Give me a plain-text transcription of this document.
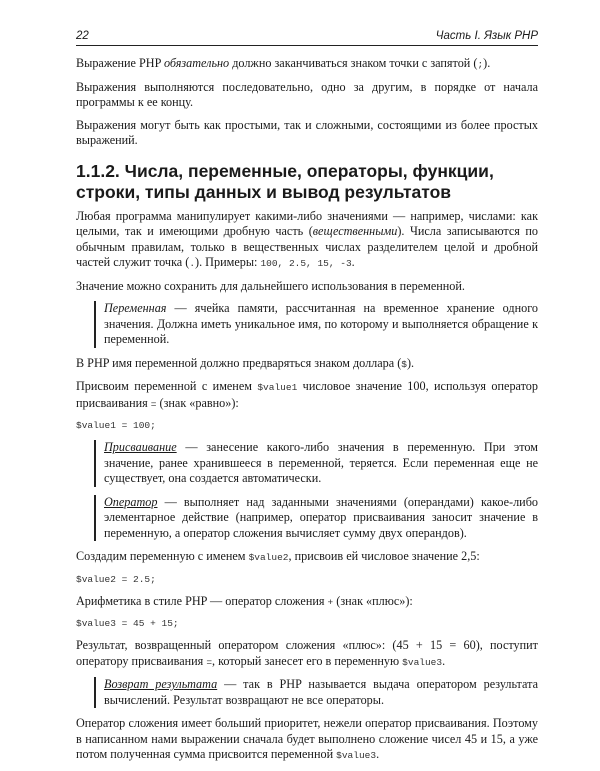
22	Часть I. Язык PHP

Выражение PHP обязательно должно заканчиваться знаком точки с запятой (;).

Выражения выполняются последовательно, одно за другим, в порядке от начала программы к ее концу.

Выражения могут быть как простыми, так и сложными, состоящими из более простых выражений.

1.1.2. Числа, переменные, операторы, функции, строки, типы данных и вывод результатов

Любая программа манипулирует какими-либо значениями — например, числами: как целыми, так и имеющими дробную часть (вещественными). Числа записываются по обычным правилам, только в вещественных числах разделителем целой и дробной частей служит точка (.). Примеры: 100, 2.5, 15, -3.

Значение можно сохранить для дальнейшего использования в переменной.

Переменная — ячейка памяти, рассчитанная на временное хранение одного значения. Должна иметь уникальное имя, по которому и выполняется обращение к переменной.

В PHP имя переменной должно предваряться знаком доллара ($).

Присвоим переменной с именем $value1 числовое значение 100, используя оператор присваивания = (знак «равно»):

$value1 = 100;
Присваивание — занесение какого-либо значения в переменную. При этом значение, ранее хранившееся в переменной, теряется. Если переменная еще не существует, она создается автоматически.
Оператор — выполняет над заданными значениями (операндами) какое-либо элементарное действие (например, оператор присваивания заносит значение в переменную, а оператор сложения вычисляет сумму двух операндов).

Создадим переменную с именем $value2, присвоив ей числовое значение 2,5:

$value2 = 2.5;

Арифметика в стиле PHP — оператор сложения + (знак «плюс»):

$value3 = 45 + 15;

Результат, возвращенный оператором сложения «плюс»: (45 + 15 = 60), поступит оператору присваивания =, который занесет его в переменную $value3.

Возврат результата — так в PHP называется выдача оператором результата вычислений. Результат возвращают не все операторы.

Оператор сложения имеет больший приоритет, нежели оператор присваивания. Поэтому в написанном нами выражении сначала будет выполнено сложение чисел 45 и 15, а уже потом полученная сумма присвоится переменной $value3.
